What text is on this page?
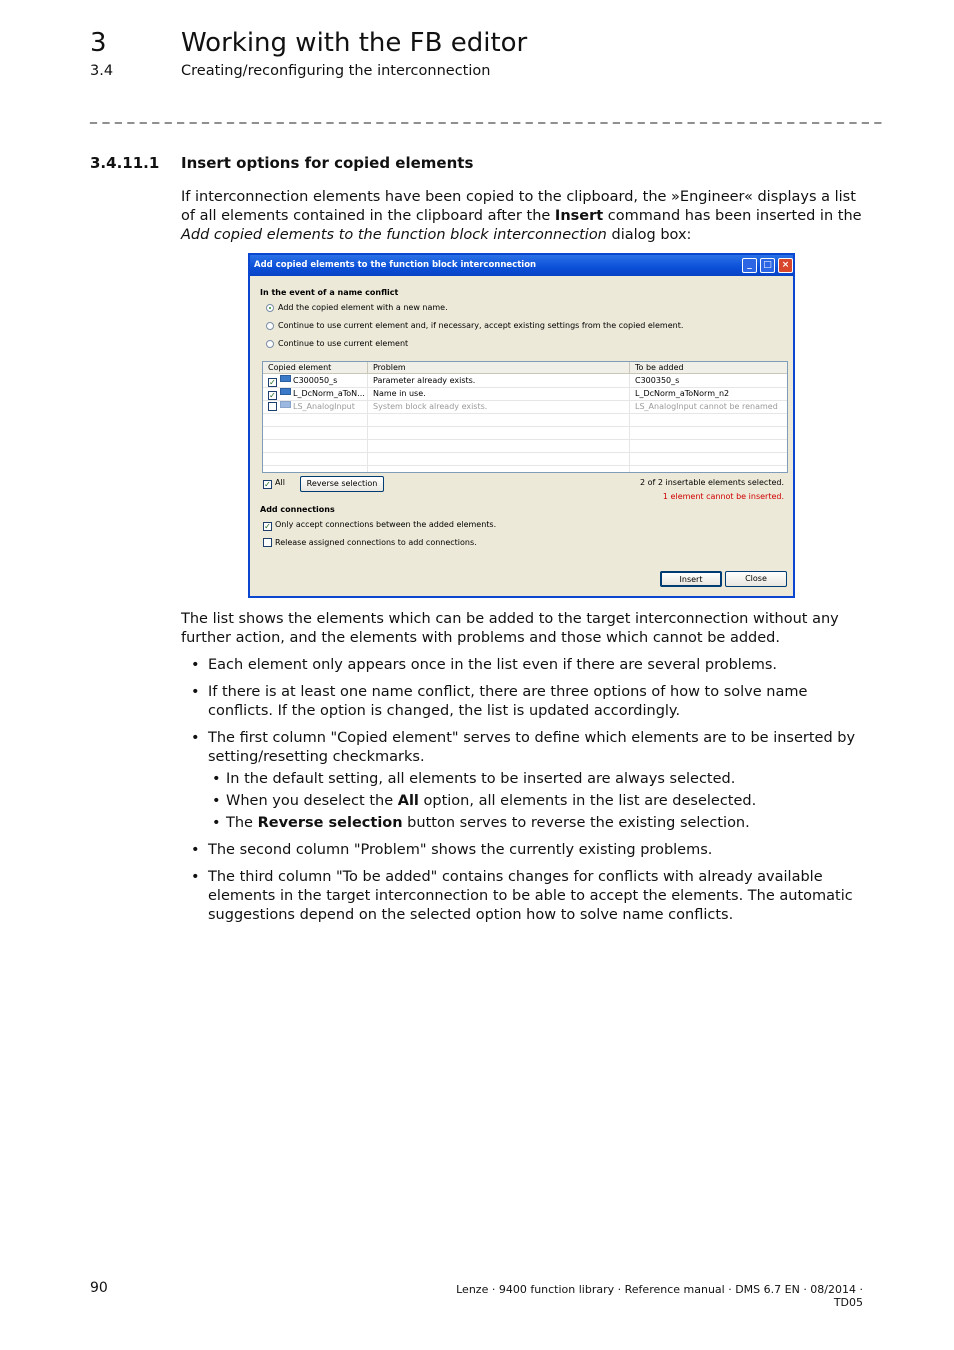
3	Working with the FB editor
3.4	Creating/reconfiguring the interconnection
_ _ _ _ _ _ _ _ _ _ _ _ _ _ _ _ _ _ _ _ _ _ _ _ _ _ _ _ _ _ _ _ _ _ _ _ _ _ _ _ _ _ _ _ _ _ _ _ _ _ _ _ _ _ _ _ _ _ _ _ _ _ _ _
3.4.11.1 Insert options for copied elements
If interconnection elements have been copied to the clipboard, the »Engineer« displays a list of all elements contained in the clipboard after the Insert command has been inserted in the Add copied elements to the function block interconnection dialog box:
Add copied elements to the function block interconnection	_	□	×
In the event of a name conflict
Add the copied element with a new name.
Continue to use current element and, if necessary, accept existing settings from the copied element.
Continue to use current element
Copied element	Problem	To be added
✓ C300050_s	Parameter already exists.	C300350_s
✓ L_DcNorm_aToN...	Name in use.	L_DcNorm_aToNorm_n2
LS_AnalogInput	System block already exists.	LS_AnalogInput cannot be renamed
✓ All	Reverse selection	2 of 2 insertable elements selected.
1 element cannot be inserted.
Add connections
✓ Only accept connections between the added elements.
Release assigned connections to add connections.
Insert	Close
The list shows the elements which can be added to the target interconnection without any further action, and the elements with problems and those which cannot be added.
• Each element only appears once in the list even if there are several problems.
• If there is at least one name conflict, there are three options of how to solve name conflicts. If the option is changed, the list is updated accordingly.
• The first column "Copied element" serves to define which elements are to be inserted by setting/resetting checkmarks.
• In the default setting, all elements to be inserted are always selected.
• When you deselect the All option, all elements in the list are deselected.
• The Reverse selection button serves to reverse the existing selection.
• The second column "Problem" shows the currently existing problems.
• The third column "To be added" contains changes for conflicts with already available elements in the target interconnection to be able to accept the elements. The automatic suggestions depend on the selected option how to solve name conflicts.
90	Lenze · 9400 function library · Reference manual · DMS 6.7 EN · 08/2014 · TD05
